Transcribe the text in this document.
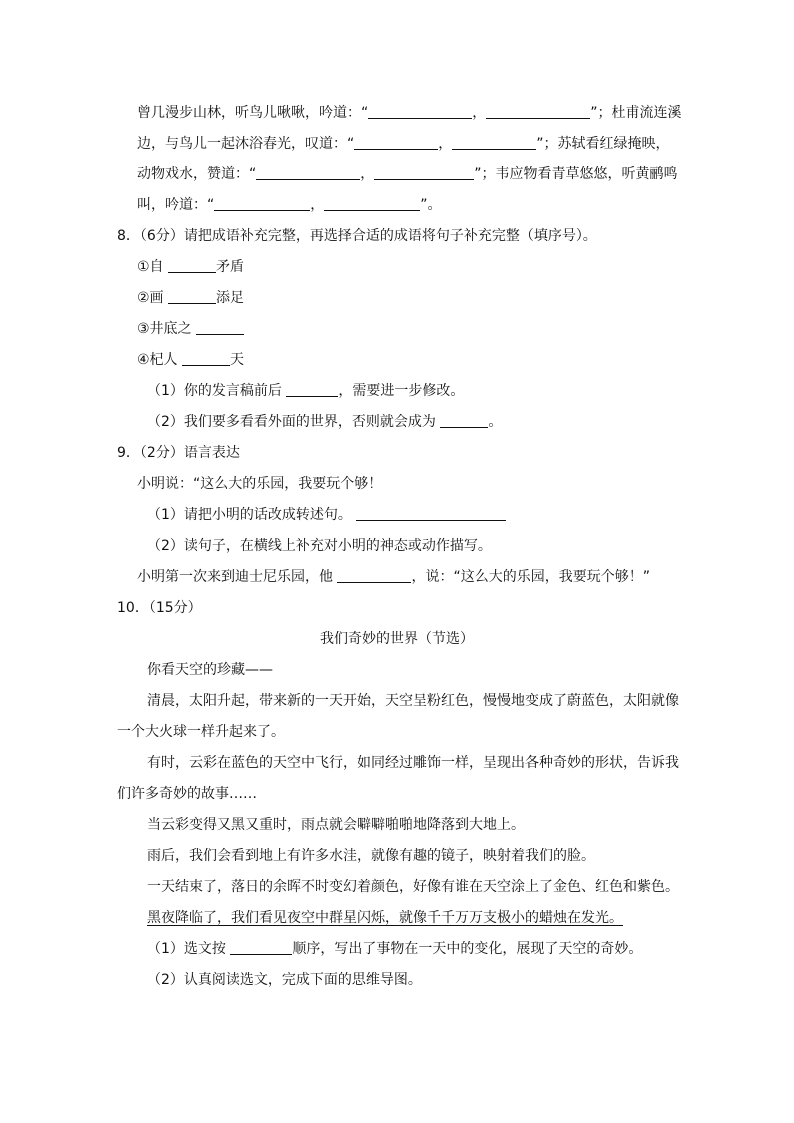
曾几漫步山林，听鸟儿啾啾，吟道：“	，	”；杜甫流连溪
边，与鸟儿一起沐浴春光，叹道：“	，	”；苏轼看红绿掩映，
动物戏水，赞道：“	，	”；韦应物看青草悠悠，听黄鹂鸣
叫，吟道：“	，	”。
8．（6分）请把成语补充完整，再选择合适的成语将句子补充完整（填序号）。
①自	矛盾
②画	添足
③井底之
④杞人	天
（1）你的发言稿前后	，需要进一步修改。
（2）我们要多看看外面的世界，否则就会成为	。
9．（2分）语言表达
小明说：“这么大的乐园，我要玩个够！
（1）请把小明的话改成转述句。
（2）读句子，在横线上补充对小明的神态或动作描写。
小明第一次来到迪士尼乐园，他	，说：“这么大的乐园，我要玩个够！”
10．（15分）
我们奇妙的世界（节选）
你看天空的珍藏——
清晨，太阳升起，带来新的一天开始，天空呈粉红色，慢慢地变成了蔚蓝色，太阳就像
一个大火球一样升起来了。
有时，云彩在蓝色的天空中飞行，如同经过雕饰一样，呈现出各种奇妙的形状，告诉我
们许多奇妙的故事……
当云彩变得又黑又重时，雨点就会噼噼啪啪地降落到大地上。
雨后，我们会看到地上有许多水洼，就像有趣的镜子，映射着我们的脸。
一天结束了，落日的余晖不时变幻着颜色，好像有谁在天空涂上了金色、红色和紫色。
黑夜降临了，我们看见夜空中群星闪烁，就像千千万万支极小的蜡烛在发光。
（1）选文按	顺序，写出了事物在一天中的变化，展现了天空的奇妙。
（2）认真阅读选文，完成下面的思维导图。
